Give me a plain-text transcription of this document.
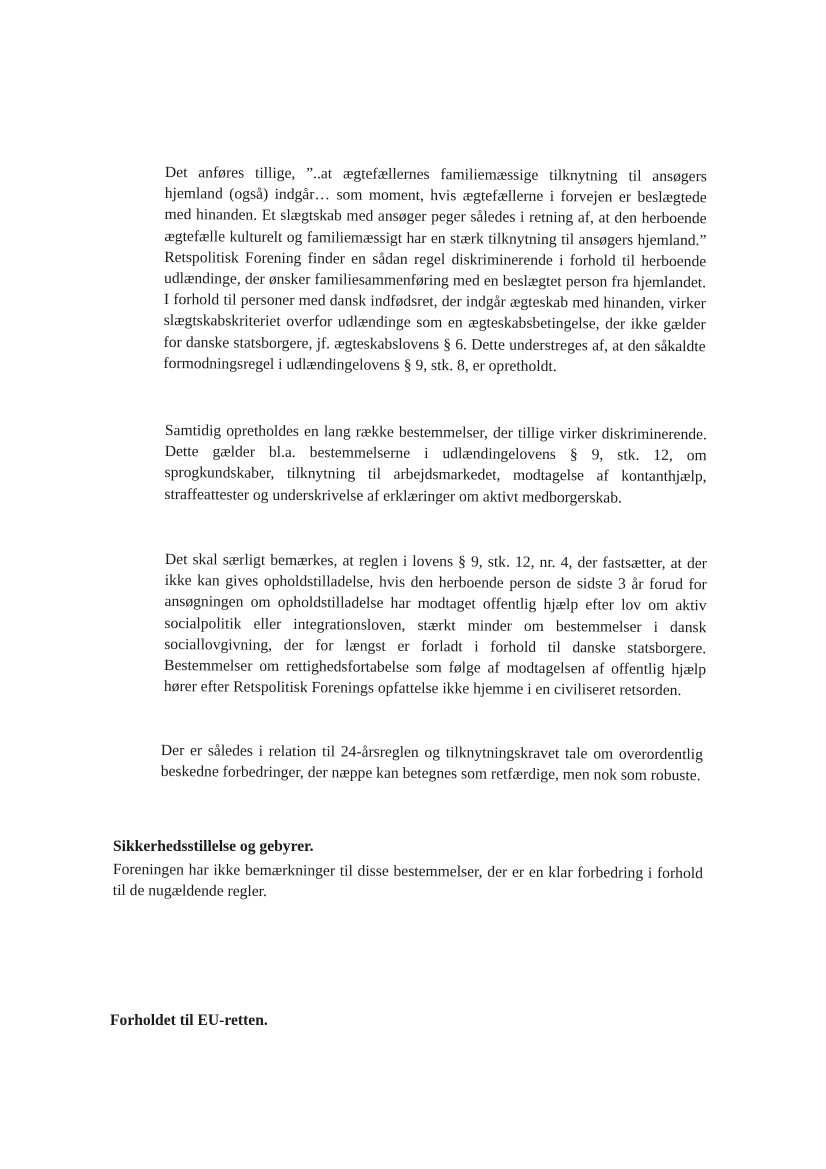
Det anføres tillige, ”..at ægtefællernes familiemæssige tilknytning til ansøgers hjemland (også) indgår… som moment, hvis ægtefællerne i forvejen er beslægtede med hinanden. Et slægtskab med ansøger peger således i retning af, at den herboende ægtefælle kulturelt og familiemæssigt har en stærk tilknytning til ansøgers hjemland.” Retspolitisk Forening finder en sådan regel diskriminerende i forhold til herboende udlændinge, der ønsker familiesammenføring med en beslægtet person fra hjemlandet. I forhold til personer med dansk indfødsret, der indgår ægteskab med hinanden, virker slægtskabskriteriet overfor udlændinge som en ægteskabsbetingelse, der ikke gælder for danske statsborgere, jf. ægteskabslovens § 6. Dette understreges af, at den såkaldte formodningsregel i udlændingelovens § 9, stk. 8, er opretholdt.

Samtidig opretholdes en lang række bestemmelser, der tillige virker diskriminerende. Dette gælder bl.a. bestemmelserne i udlændingelovens § 9, stk. 12, om sprogkundskaber, tilknytning til arbejdsmarkedet, modtagelse af kontanthjælp, straffeattester og underskrivelse af erklæringer om aktivt medborgerskab.

Det skal særligt bemærkes, at reglen i lovens § 9, stk. 12, nr. 4, der fastsætter, at der ikke kan gives opholdstilladelse, hvis den herboende person de sidste 3 år forud for ansøgningen om opholdstilladelse har modtaget offentlig hjælp efter lov om aktiv socialpolitik eller integrationsloven, stærkt minder om bestemmelser i dansk sociallovgivning, der for længst er forladt i forhold til danske statsborgere. Bestemmelser om rettighedsfortabelse som følge af modtagelsen af offentlig hjælp hører efter Retspolitisk Forenings opfattelse ikke hjemme i en civiliseret retsorden.

Der er således i relation til 24-årsreglen og tilknytningskravet tale om overordentlig beskedne forbedringer, der næppe kan betegnes som retfærdige, men nok som robuste.

Sikkerhedsstillelse og gebyrer.

Foreningen har ikke bemærkninger til disse bestemmelser, der er en klar forbedring i forhold til de nugældende regler.

Forholdet til EU-retten.
